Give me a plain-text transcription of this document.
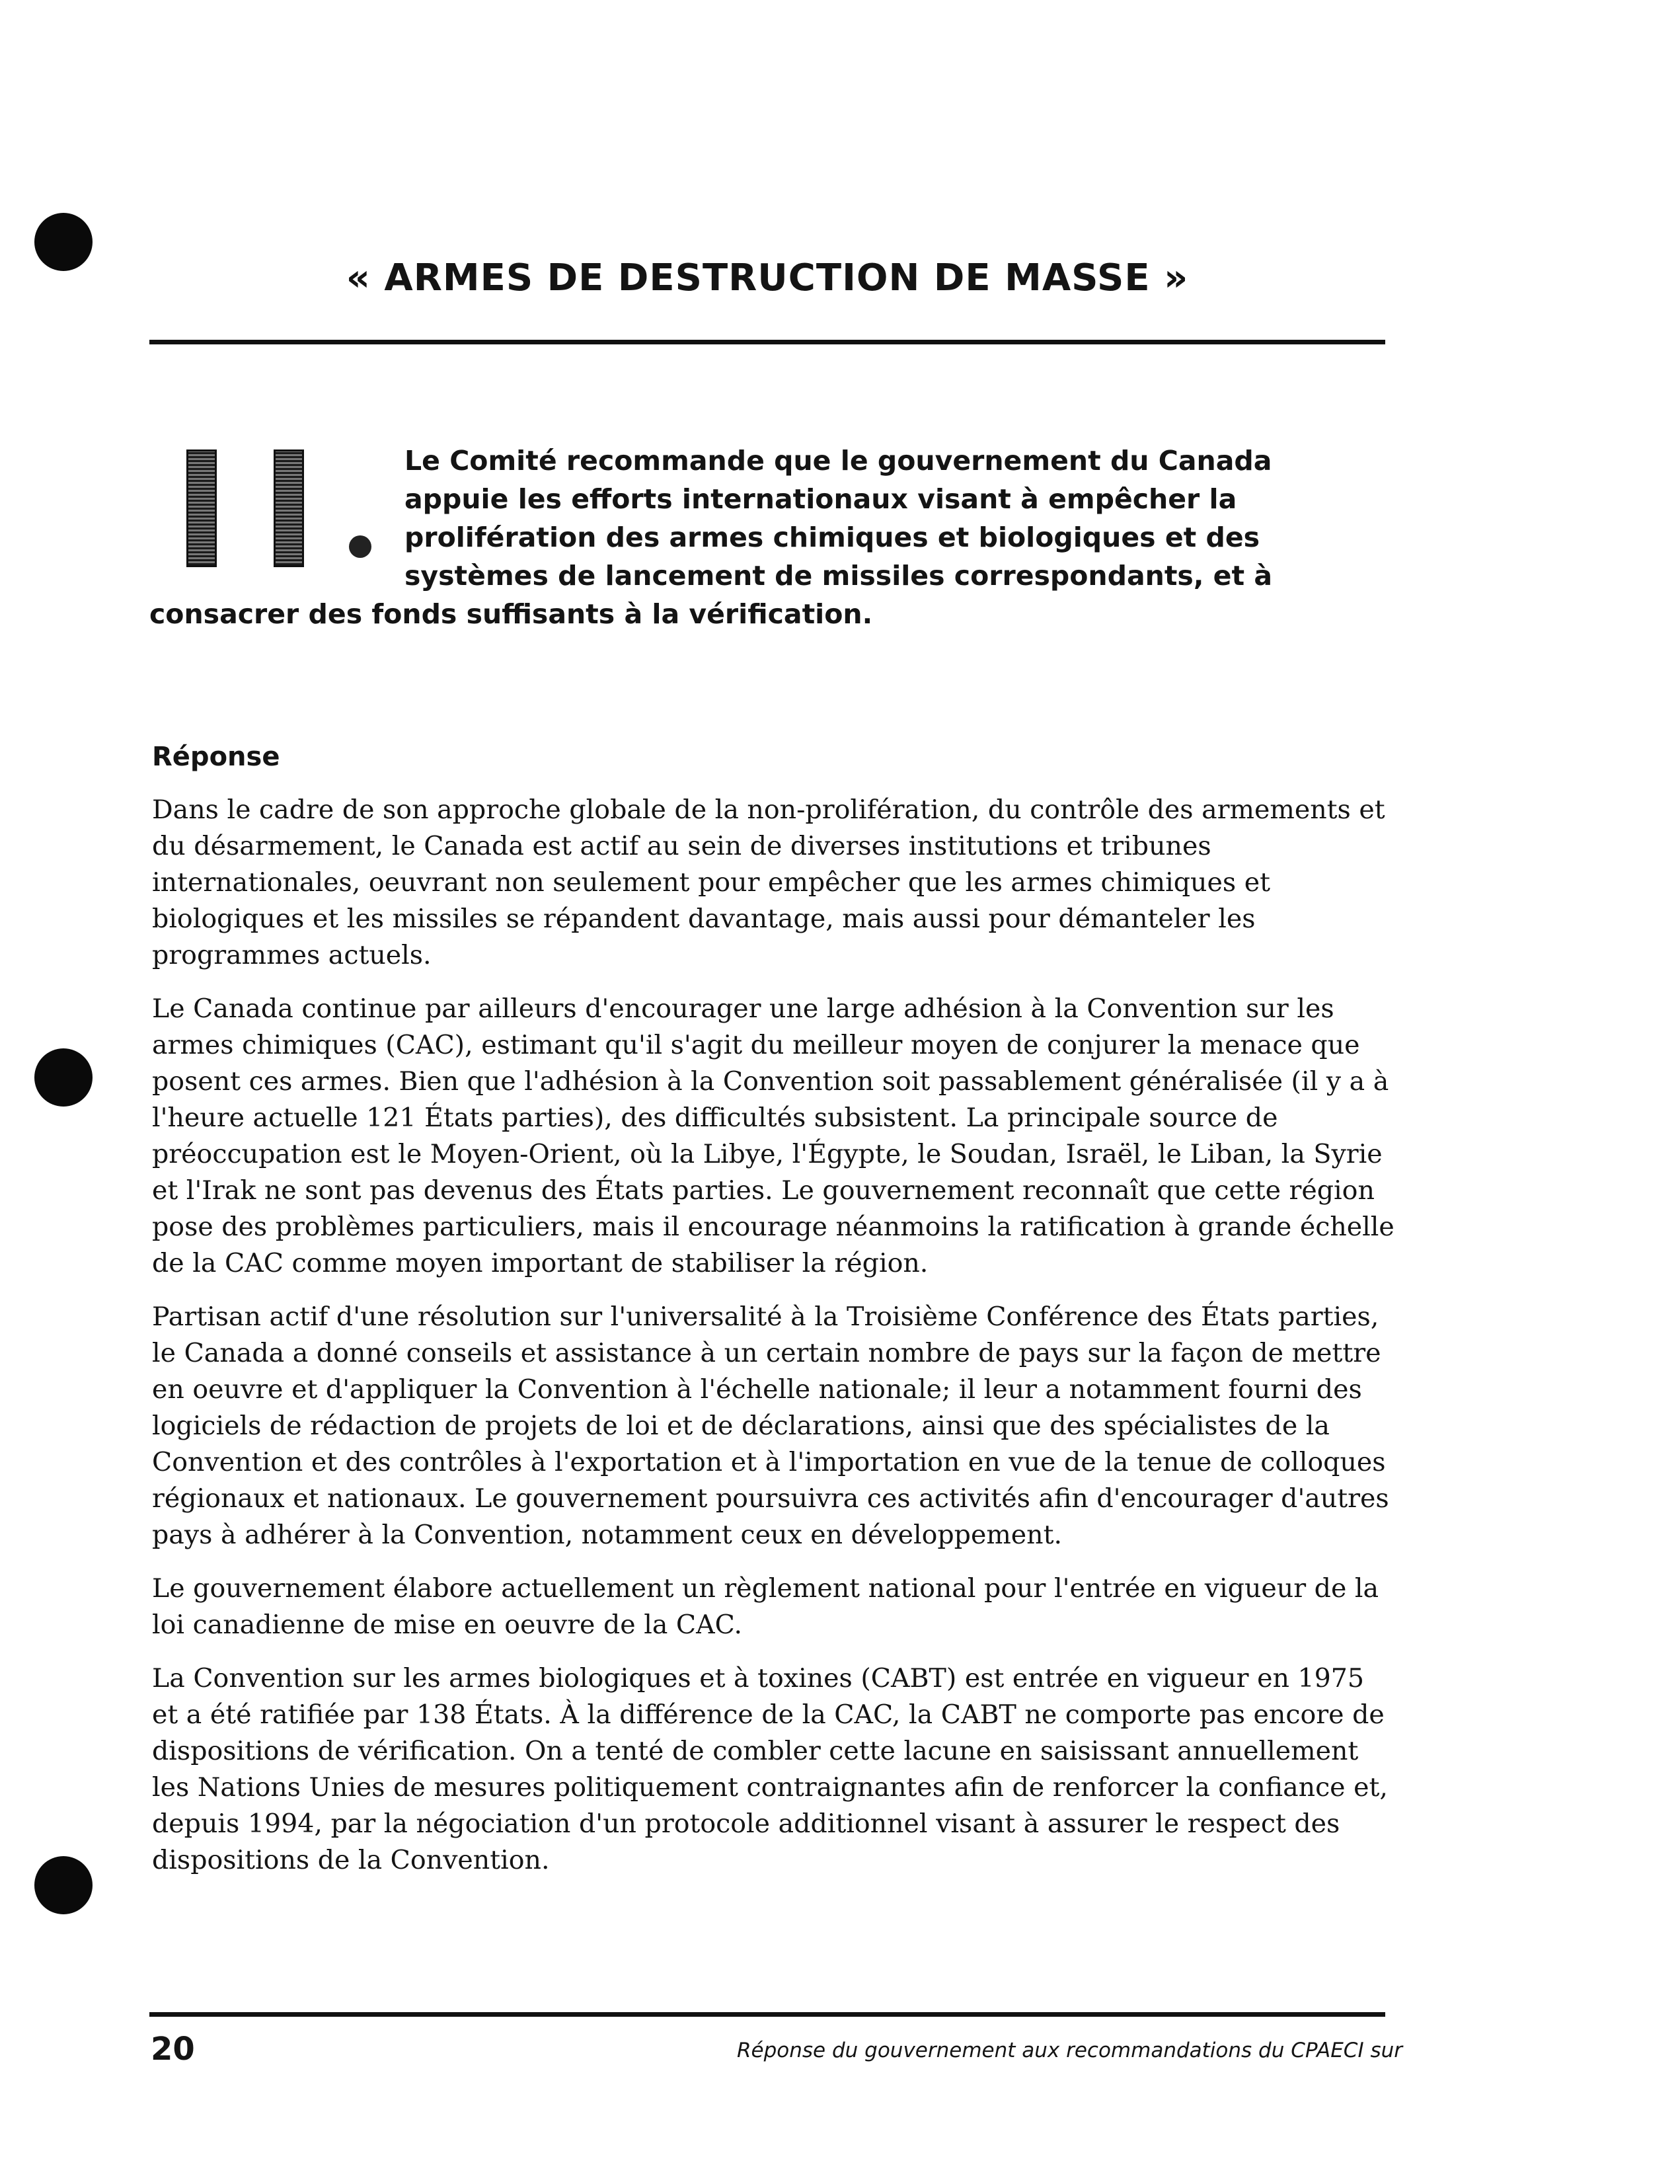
« ARMES DE DESTRUCTION DE MASSE »

Le Comité recommande que le gouvernement du Canada appuie les efforts internationaux visant à empêcher la prolifération des armes chimiques et biologiques et des systèmes de lancement de missiles correspondants, et à consacrer des fonds suffisants à la vérification.

Réponse

Dans le cadre de son approche globale de la non-prolifération, du contrôle des armements et du désarmement, le Canada est actif au sein de diverses institutions et tribunes internationales, oeuvrant non seulement pour empêcher que les armes chimiques et biologiques et les missiles se répandent davantage, mais aussi pour démanteler les programmes actuels.

Le Canada continue par ailleurs d'encourager une large adhésion à la Convention sur les armes chimiques (CAC), estimant qu'il s'agit du meilleur moyen de conjurer la menace que posent ces armes. Bien que l'adhésion à la Convention soit passablement généralisée (il y a à l'heure actuelle 121 États parties), des difficultés subsistent. La principale source de préoccupation est le Moyen-Orient, où la Libye, l'Égypte, le Soudan, Israël, le Liban, la Syrie et l'Irak ne sont pas devenus des États parties. Le gouvernement reconnaît que cette région pose des problèmes particuliers, mais il encourage néanmoins la ratification à grande échelle de la CAC comme moyen important de stabiliser la région.

Partisan actif d'une résolution sur l'universalité à la Troisième Conférence des États parties, le Canada a donné conseils et assistance à un certain nombre de pays sur la façon de mettre en oeuvre et d'appliquer la Convention à l'échelle nationale; il leur a notamment fourni des logiciels de rédaction de projets de loi et de déclarations, ainsi que des spécialistes de la Convention et des contrôles à l'exportation et à l'importation en vue de la tenue de colloques régionaux et nationaux. Le gouvernement poursuivra ces activités afin d'encourager d'autres pays à adhérer à la Convention, notamment ceux en développement.

Le gouvernement élabore actuellement un règlement national pour l'entrée en vigueur de la loi canadienne de mise en oeuvre de la CAC.

La Convention sur les armes biologiques et à toxines (CABT) est entrée en vigueur en 1975 et a été ratifiée par 138 États. À la différence de la CAC, la CABT ne comporte pas encore de dispositions de vérification. On a tenté de combler cette lacune en saisissant annuellement les Nations Unies de mesures politiquement contraignantes afin de renforcer la confiance et, depuis 1994, par la négociation d'un protocole additionnel visant à assurer le respect des dispositions de la Convention.

20	Réponse du gouvernement aux recommandations du CPAECI sur
